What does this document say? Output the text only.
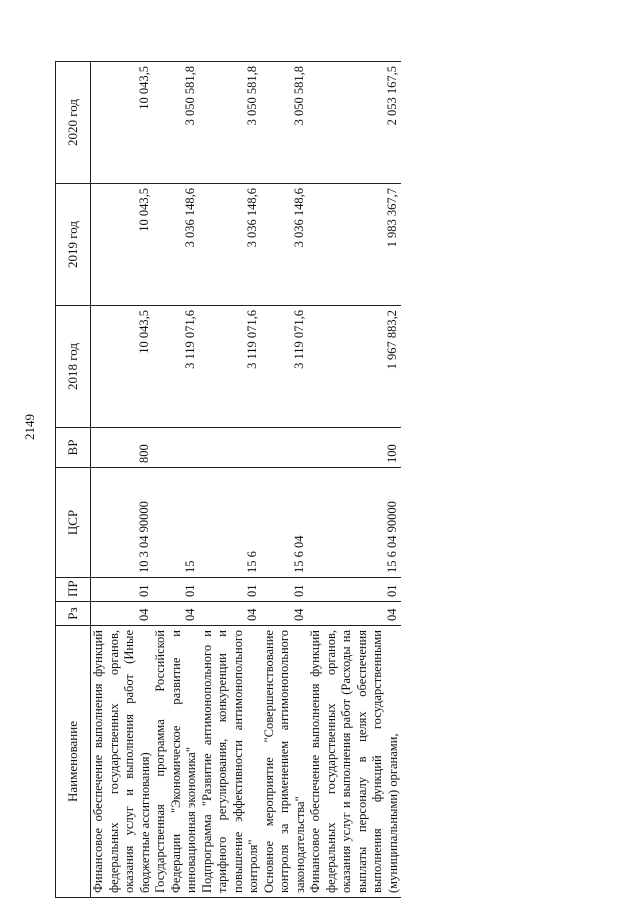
2149
Наименование	Рз	ПР	ЦСР	ВР	2018 год	2019 год	2020 год
Финансовое обеспечение выполнения функций федеральных государственных органов, оказания услуг и выполнения работ (Иные бюджетные ассигнования)	04	01	10 3 04 90000	800	10 043,5	10 043,5	10 043,5
Государственная программа Российской Федерации "Экономическое развитие и инновационная экономика"	04	01	15		3 119 071,6	3 036 148,6	3 050 581,8
Подпрограмма "Развитие антимонопольного и тарифного регулирования, конкуренции и повышение эффективности антимонопольного контроля"	04	01	15 6		3 119 071,6	3 036 148,6	3 050 581,8
Основное мероприятие "Совершенствование контроля за применением антимонопольного законодательства"	04	01	15 6 04		3 119 071,6	3 036 148,6	3 050 581,8
Финансовое обеспечение выполнения функций федеральных государственных органов, оказания услуг и выполнения работ (Расходы на выплаты персоналу в целях обеспечения выполнения функций государственными (муниципальными) органами,	04	01	15 6 04 90000	100	1 967 883,2	1 983 367,7	2 053 167,5
